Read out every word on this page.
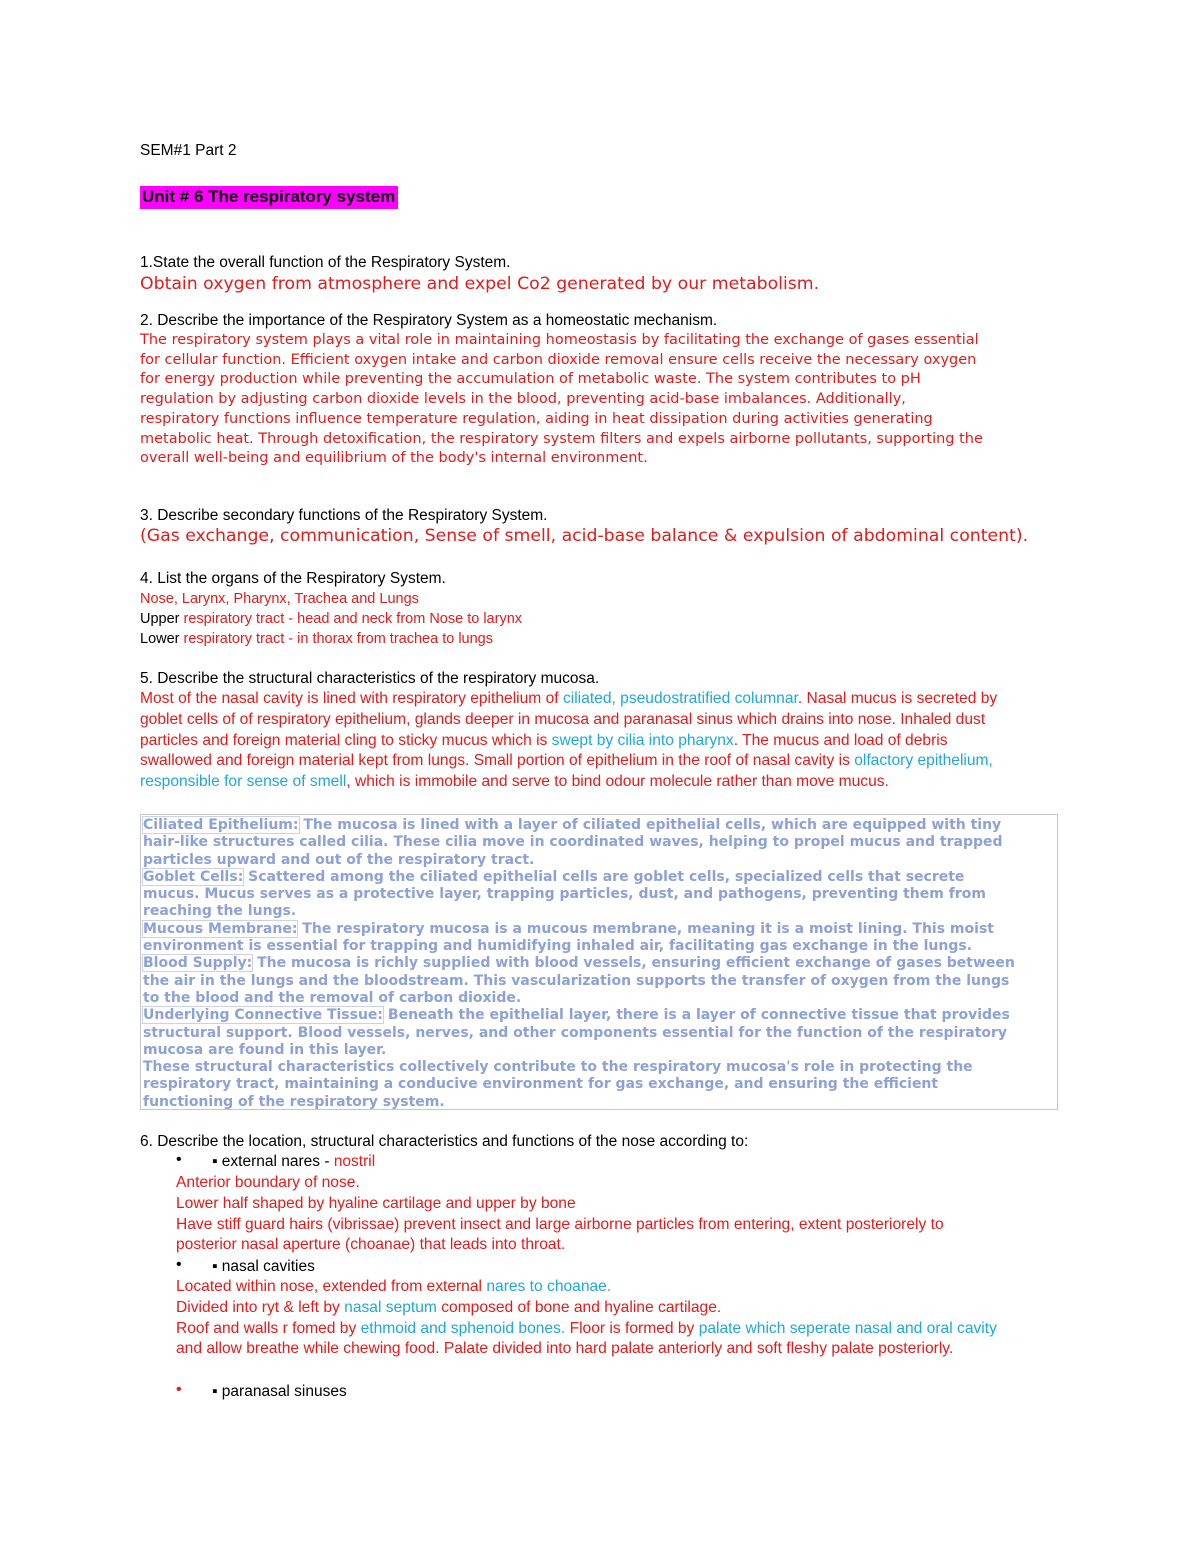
SEM#1 Part 2

Unit # 6 The respiratory system

1.State the overall function of the Respiratory System.

Obtain oxygen from atmosphere and expel Co2 generated by our metabolism.

2. Describe the importance of the Respiratory System as a homeostatic mechanism.

The respiratory system plays a vital role in maintaining homeostasis by facilitating the exchange of gases essential
for cellular function. Efficient oxygen intake and carbon dioxide removal ensure cells receive the necessary oxygen
for energy production while preventing the accumulation of metabolic waste. The system contributes to pH
regulation by adjusting carbon dioxide levels in the blood, preventing acid-base imbalances. Additionally,
respiratory functions influence temperature regulation, aiding in heat dissipation during activities generating
metabolic heat. Through detoxification, the respiratory system filters and expels airborne pollutants, supporting the
overall well-being and equilibrium of the body's internal environment.

3. Describe secondary functions of the Respiratory System.

(Gas exchange, communication, Sense of smell, acid-base balance & expulsion of abdominal content).

4. List the organs of the Respiratory System.

Nose, Larynx, Pharynx, Trachea and Lungs

Upper respiratory tract - head and neck from Nose to larynx

Lower respiratory tract - in thorax from trachea to lungs

5. Describe the structural characteristics of the respiratory mucosa.

Most of the nasal cavity is lined with respiratory epithelium of ciliated, pseudostratified columnar. Nasal mucus is secreted by
goblet cells of of respiratory epithelium, glands deeper in mucosa and paranasal sinus which drains into nose. Inhaled dust
particles and foreign material cling to sticky mucus which is swept by cilia into pharynx. The mucus and load of debris
swallowed and foreign material kept from lungs. Small portion of epithelium in the roof of nasal cavity is olfactory epithelium,
responsible for sense of smell, which is immobile and serve to bind odour molecule rather than move mucus.
Ciliated Epithelium: The mucosa is lined with a layer of ciliated epithelial cells, which are equipped with tiny
hair-like structures called cilia. These cilia move in coordinated waves, helping to propel mucus and trapped
particles upward and out of the respiratory tract.
Goblet Cells: Scattered among the ciliated epithelial cells are goblet cells, specialized cells that secrete
mucus. Mucus serves as a protective layer, trapping particles, dust, and pathogens, preventing them from
reaching the lungs.
Mucous Membrane: The respiratory mucosa is a mucous membrane, meaning it is a moist lining. This moist
environment is essential for trapping and humidifying inhaled air, facilitating gas exchange in the lungs.
Blood Supply: The mucosa is richly supplied with blood vessels, ensuring efficient exchange of gases between
the air in the lungs and the bloodstream. This vascularization supports the transfer of oxygen from the lungs
to the blood and the removal of carbon dioxide.
Underlying Connective Tissue: Beneath the epithelial layer, there is a layer of connective tissue that provides
structural support. Blood vessels, nerves, and other components essential for the function of the respiratory
mucosa are found in this layer.
These structural characteristics collectively contribute to the respiratory mucosa's role in protecting the
respiratory tract, maintaining a conducive environment for gas exchange, and ensuring the efficient
functioning of the respiratory system.

6. Describe the location, structural characteristics and functions of the nose according to:

• ▪ external nares - nostril

Anterior boundary of nose.
Lower half shaped by hyaline cartilage and upper by bone
Have stiff guard hairs (vibrissae) prevent insect and large airborne particles from entering, extent posteriorely to
posterior nasal aperture (choanae) that leads into throat.
• ▪ nasal cavities

Located within nose, extended from external nares to choanae.
Divided into ryt & left by nasal septum composed of bone and hyaline cartilage.
Roof and walls r fomed by ethmoid and sphenoid bones. Floor is formed by palate which seperate nasal and oral cavity
and allow breathe while chewing food. Palate divided into hard palate anteriorly and soft fleshy palate posteriorly.
• ▪ paranasal sinuses
